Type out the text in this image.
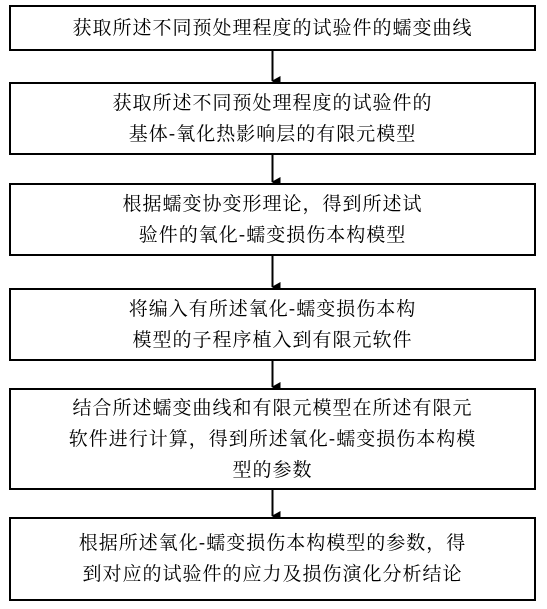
获取所述不同预处理程度的试验件的蠕变曲线
获取所述不同预处理程度的试验件的
基体-氧化热影响层的有限元模型
根据蠕变协变形理论，得到所述试
验件的氧化-蠕变损伤本构模型
将编入有所述氧化-蠕变损伤本构
模型的子程序植入到有限元软件
结合所述蠕变曲线和有限元模型在所述有限元
软件进行计算，得到所述氧化-蠕变损伤本构模
型的参数
根据所述氧化-蠕变损伤本构模型的参数，得
到对应的试验件的应力及损伤演化分析结论
